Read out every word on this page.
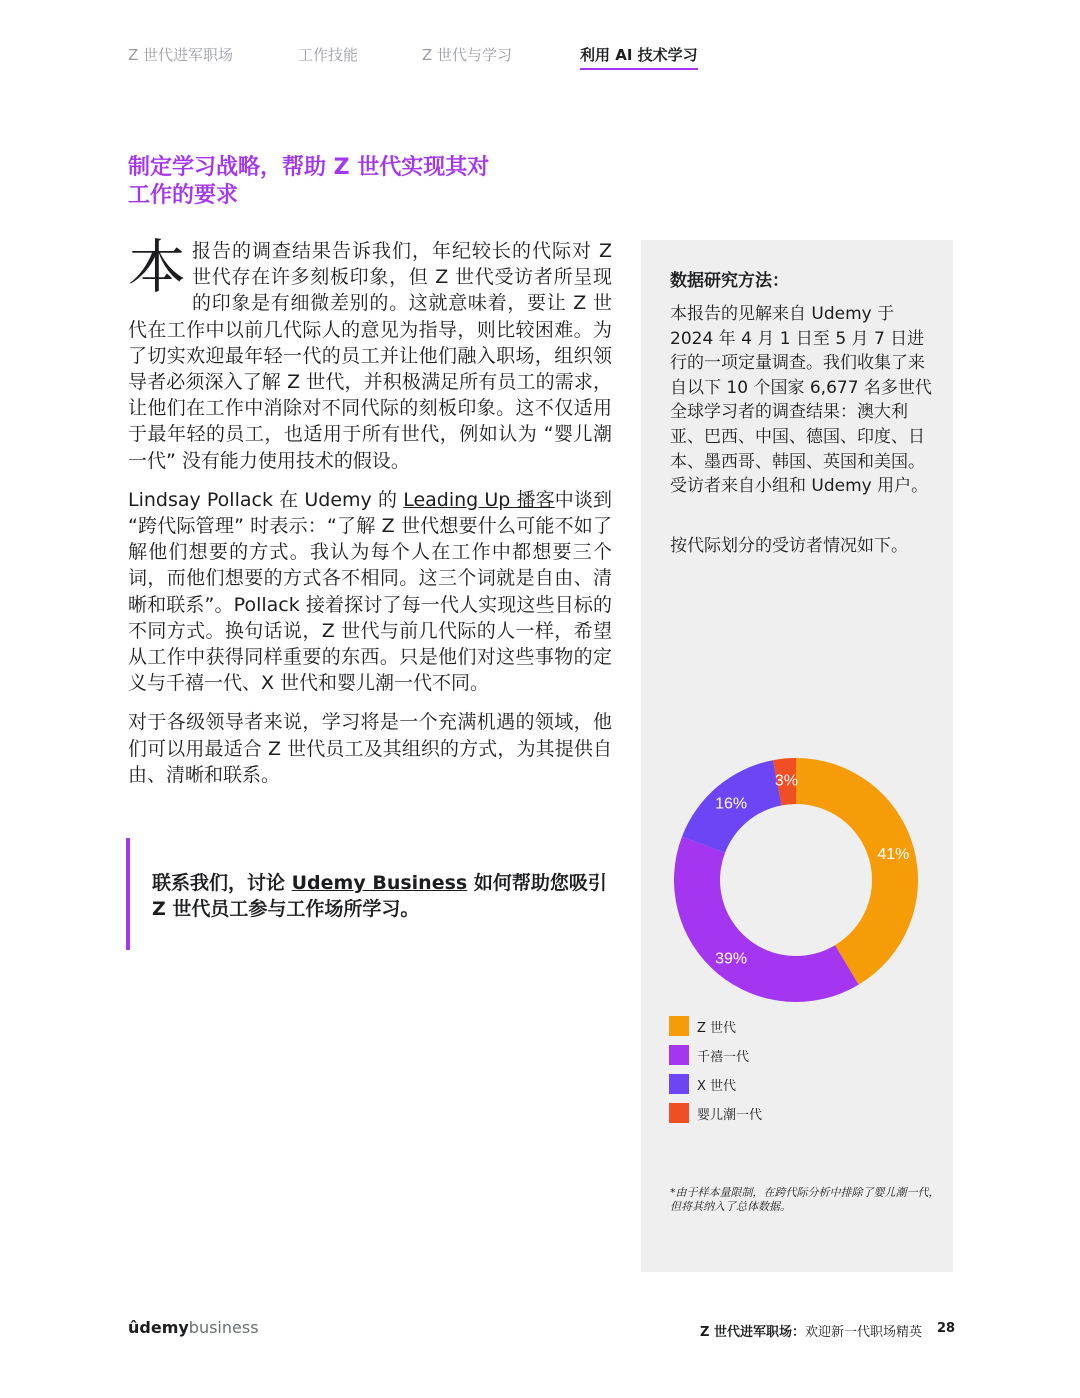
Z 世代进军职场	工作技能	Z 世代与学习	利用 AI 技术学习
制定学习战略，帮助 Z 世代实现其对
工作的要求

本报告的调查结果告诉我们，年纪较长的代际对 Z 世代存在许多刻板印象，但 Z 世代受访者所呈现的印象是有细微差别的。这就意味着，要让 Z 世代在工作中以前几代际人的意见为指导，则比较困难。为了切实欢迎最年轻一代的员工并让他们融入职场，组织领导者必须深入了解 Z 世代，并积极满足所有员工的需求，让他们在工作中消除对不同代际的刻板印象。这不仅适用于最年轻的员工，也适用于所有世代，例如认为 “婴儿潮一代” 没有能力使用技术的假设。

Lindsay Pollack 在 Udemy 的 Leading Up 播客中谈到 “跨代际管理” 时表示：“了解 Z 世代想要什么可能不如了解他们想要的方式。我认为每个人在工作中都想要三个词，而他们想要的方式各不相同。这三个词就是自由、清晰和联系”。Pollack 接着探讨了每一代人实现这些目标的不同方式。换句话说，Z 世代与前几代际的人一样，希望从工作中获得同样重要的东西。只是他们对这些事物的定义与千禧一代、X 世代和婴儿潮一代不同。

对于各级领导者来说，学习将是一个充满机遇的领域，他们可以用最适合 Z 世代员工及其组织的方式，为其提供自由、清晰和联系。

联系我们，讨论 Udemy Business 如何帮助您吸引 Z 世代员工参与工作场所学习。
数据研究方法：
本报告的见解来自 Udemy 于 2024 年 4 月 1 日至 5 月 7 日进行的一项定量调查。我们收集了来自以下 10 个国家 6,677 名多世代全球学习者的调查结果：澳大利亚、巴西、中国、德国、印度、日本、墨西哥、韩国、英国和美国。受访者来自小组和 Udemy 用户。
按代际划分的受访者情况如下。
41%
39%
16%
3%
Z 世代
千禧一代
X 世代
婴儿潮一代
*由于样本量限制，在跨代际分析中排除了婴儿潮一代，但将其纳入了总体数据。
ûdemybusiness	Z 世代进军职场：欢迎新一代职场精英 28
